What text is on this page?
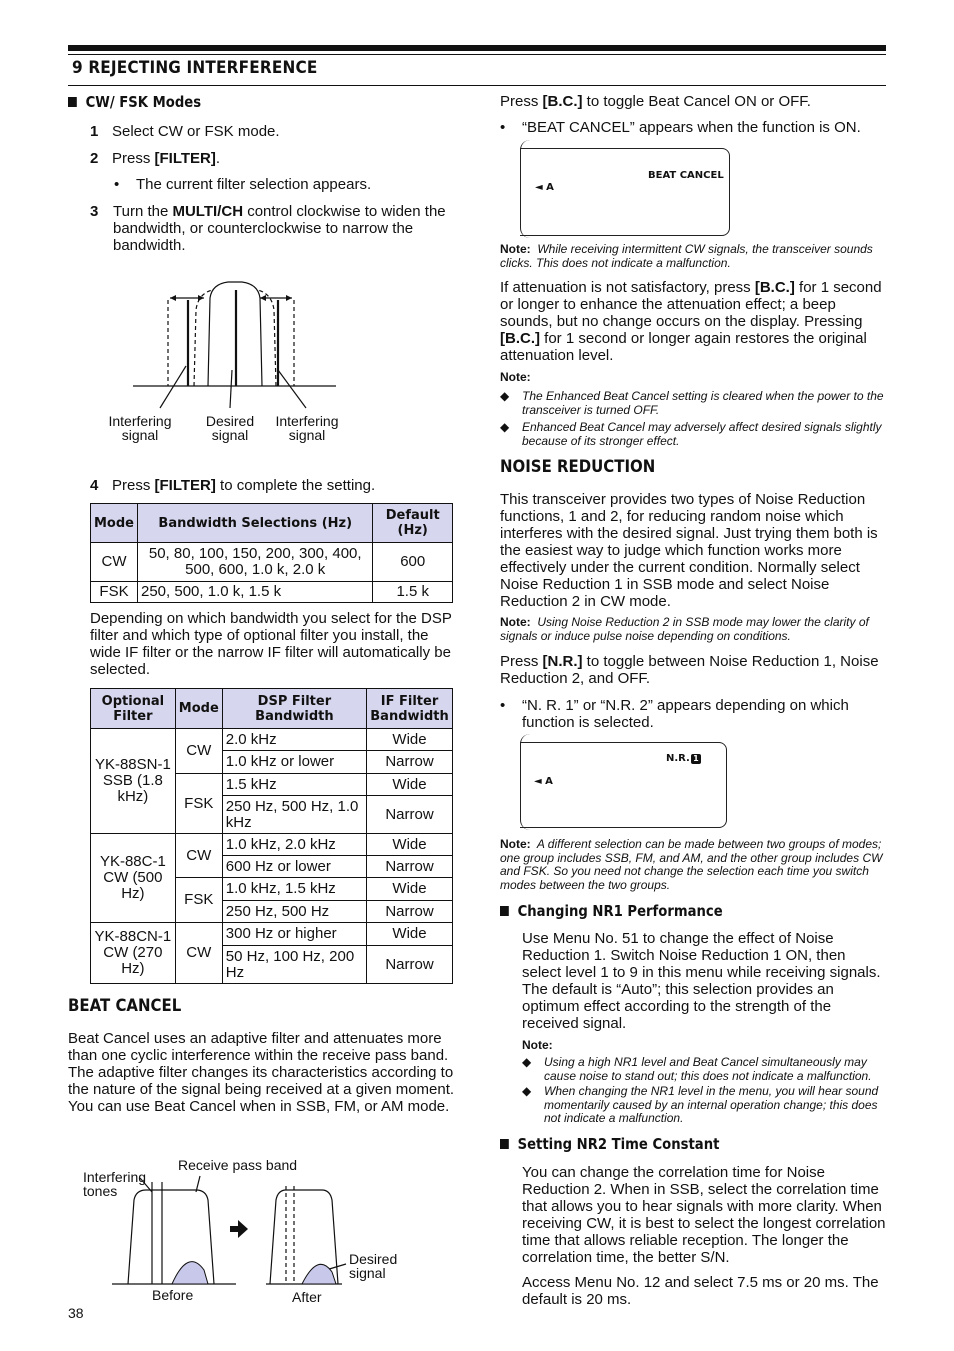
9 REJECTING INTERFERENCE
CW/ FSK Modes
1 Select CW or FSK mode.
2 Press [FILTER].
• The current filter selection appears.
3 Turn the MULTI/CH control clockwise to widen the bandwidth, or counterclockwise to narrow the bandwidth.
Interfering signal
Desired signal
Interfering signal
4 Press [FILTER] to complete the setting.
Mode	Bandwidth Selections (Hz)	Default (Hz)
CW	50, 80, 100, 150, 200, 300, 400, 500, 600, 1.0 k, 2.0 k	600
FSK	250, 500, 1.0 k, 1.5 k	1.5 k
Depending on which bandwidth you select for the DSP filter and which type of optional filter you install, the wide IF filter or the narrow IF filter will automatically be selected.
Optional Filter	Mode	DSP Filter Bandwidth	IF Filter Bandwidth
YK-88SN-1 SSB (1.8 kHz)	CW	2.0 kHz	Wide
		1.0 kHz or lower	Narrow
	FSK	1.5 kHz	Wide
		250 Hz, 500 Hz, 1.0 kHz	Narrow
YK-88C-1 CW (500 Hz)	CW	1.0 kHz, 2.0 kHz	Wide
		600 Hz or lower	Narrow
	FSK	1.0 kHz, 1.5 kHz	Wide
		250 Hz, 500 Hz	Narrow
YK-88CN-1 CW (270 Hz)	CW	300 Hz or higher	Wide
		50 Hz, 100 Hz, 200 Hz	Narrow
BEAT CANCEL
Beat Cancel uses an adaptive filter and attenuates more than one cyclic interference within the receive pass band. The adaptive filter changes its characteristics according to the nature of the signal being received at a given moment. You can use Beat Cancel when in SSB, FM, or AM mode.
Interfering tones
Receive pass band
Desired signal
Before	After
38
Press [B.C.] to toggle Beat Cancel ON or OFF.
• “BEAT CANCEL” appears when the function is ON.
BEAT CANCEL
◄ A
Note: While receiving intermittent CW signals, the transceiver sounds clicks. This does not indicate a malfunction.
If attenuation is not satisfactory, press [B.C.] for 1 second or longer to enhance the attenuation effect; a beep sounds, but no change occurs on the display. Pressing [B.C.] for 1 second or longer again restores the original attenuation level.
Note:
◆ The Enhanced Beat Cancel setting is cleared when the power to the transceiver is turned OFF.
◆ Enhanced Beat Cancel may adversely affect desired signals slightly because of its stronger effect.
NOISE REDUCTION
This transceiver provides two types of Noise Reduction functions, 1 and 2, for reducing random noise which interferes with the desired signal. Just trying them both is the easiest way to judge which function works more effectively under the current condition. Normally select Noise Reduction 1 in SSB mode and select Noise Reduction 2 in CW mode.
Note: Using Noise Reduction 2 in SSB mode may lower the clarity of signals or induce pulse noise depending on conditions.
Press [N.R.] to toggle between Noise Reduction 1, Noise Reduction 2, and OFF.
• “N. R. 1” or “N.R. 2” appears depending on which function is selected.
N.R. 1
◄ A
Note: A different selection can be made between two groups of modes; one group includes SSB, FM, and AM, and the other group includes CW and FSK. So you need not change the selection each time you switch modes between the two groups.
Changing NR1 Performance
Use Menu No. 51 to change the effect of Noise Reduction 1. Switch Noise Reduction 1 ON, then select level 1 to 9 in this menu while receiving signals. The default is “Auto”; this selection provides an optimum effect according to the strength of the received signal.
Note:
◆ Using a high NR1 level and Beat Cancel simultaneously may cause noise to stand out; this does not indicate a malfunction.
◆ When changing the NR1 level in the menu, you will hear sound momentarily caused by an internal operation change; this does not indicate a malfunction.
Setting NR2 Time Constant
You can change the correlation time for Noise Reduction 2. When in SSB, select the correlation time that allows you to hear signals with more clarity. When receiving CW, it is best to select the longest correlation time that allows reliable reception. The longer the correlation time, the better S/N.
Access Menu No. 12 and select 7.5 ms or 20 ms. The default is 20 ms.
